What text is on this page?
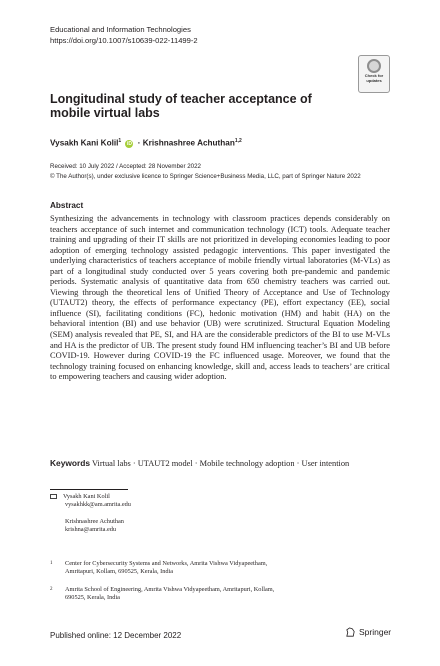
Educational and Information Technologies
https://doi.org/10.1007/s10639-022-11499-2
Check for updates
Longitudinal study of teacher acceptance of mobile virtual labs
Vysakh Kani Kolil$^1$ iD · Krishnashree Achuthan$^{1,2}$
Received: 10 July 2022 / Accepted: 28 November 2022
© The Author(s), under exclusive licence to Springer Science+Business Media, LLC, part of Springer Nature 2022
Abstract
Synthesizing the advancements in technology with classroom practices depends considerably on teachers acceptance of such internet and communication technology (ICT) tools. Adequate teacher training and upgrading of their IT skills are not prioritized in developing economies leading to poor adoption of emerging technology assisted pedagogic interventions. This paper investigated the underlying characteristics of teachers acceptance of mobile friendly virtual laboratories (M-VLs) as part of a longitudinal study conducted over 5 years covering both pre-pandemic and pandemic periods. Systematic analysis of quantitative data from 650 chemistry teachers was carried out. Viewing through the theoretical lens of Unified Theory of Acceptance and Use of Technology (UTAUT2) theory, the effects of performance expectancy (PE), effort expectancy (EE), social influence (SI), facilitating conditions (FC), hedonic motivation (HM) and habit (HA) on the behavioral intention (BI) and use behavior (UB) were scrutinized. Structural Equation Modeling (SEM) analysis revealed that PE, SI, and HA are the considerable predictors of the BI to use M-VLs and HA is the predictor of UB. The present study found HM influencing teacher’s BI and UB before COVID-19. However during COVID-19 the FC influenced usage. Moreover, we found that the technology training focused on enhancing knowledge, skill and, access leads to teachers’ are critical to empowering teachers and causing wider adoption.
Keywords Virtual labs · UTAUT2 model · Mobile technology adoption · User intention
Vysakh Kani Kolil
vysakhkk@am.amrita.edu
Krishnashree Achuthan
krishna@amrita.edu
1 Center for Cybersecurity Systems and Networks, Amrita Vishwa Vidyapeetham,
Amritapuri, Kollam, 690525, Kerala, India
2 Amrita School of Engineering, Amrita Vishwa Vidyapeetham, Amritapuri, Kollam,
690525, Kerala, India
Published online: 12 December 2022	Springer
